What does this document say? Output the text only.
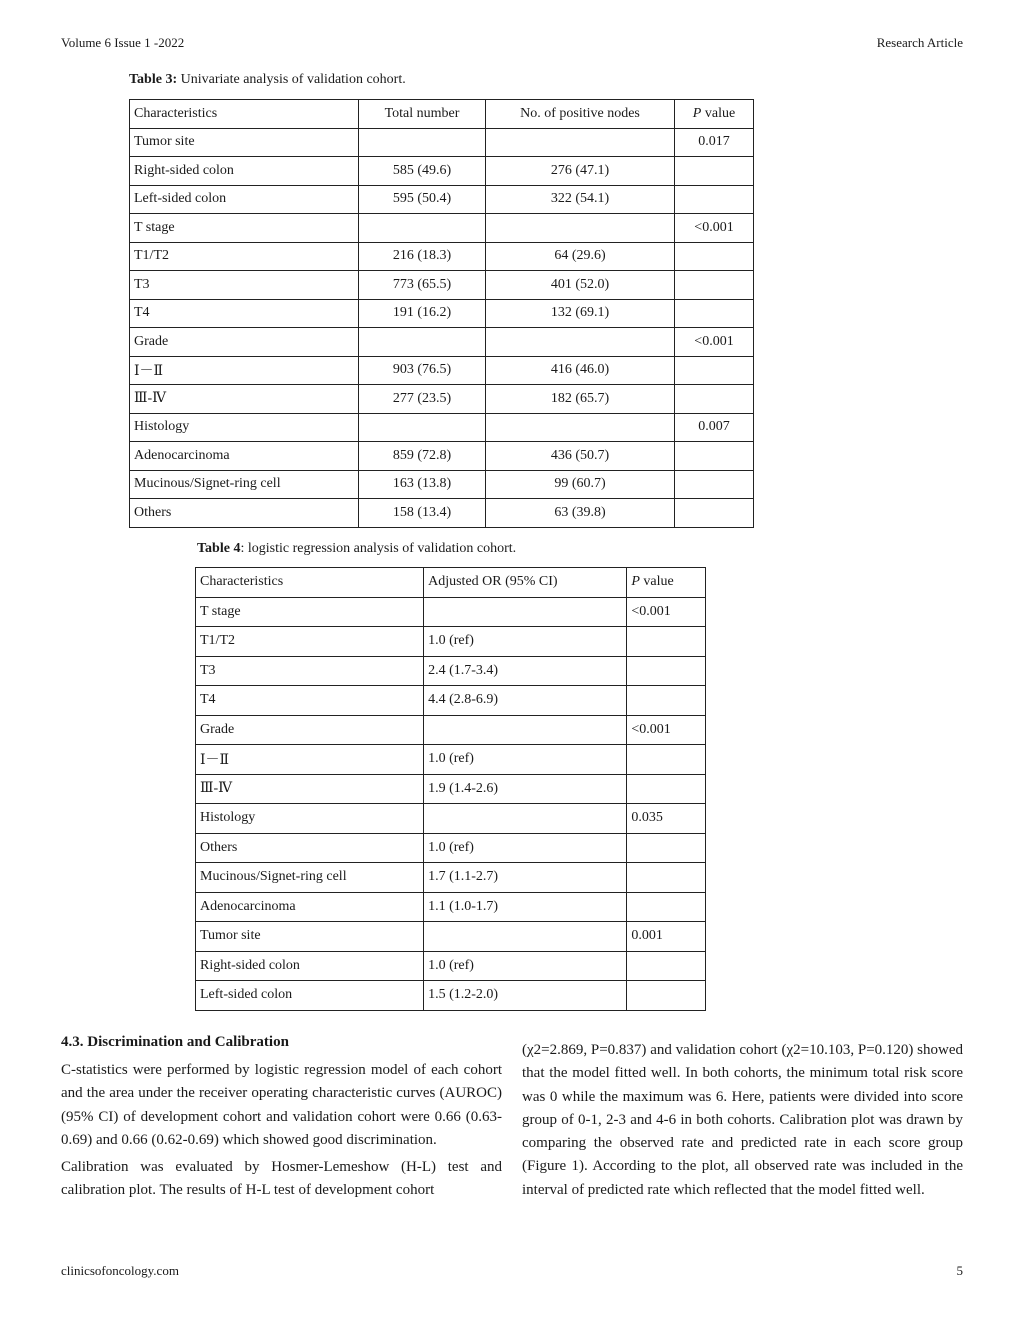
Volume 6 Issue 1 -2022	Research Article
Table 3: Univariate analysis of validation cohort.
Characteristics	Total number	No. of positive nodes	P value
Tumor site			0.017
Right-sided colon	585 (49.6)	276 (47.1)	
Left-sided colon	595 (50.4)	322 (54.1)	
T stage			<0.001
T1/T2	216 (18.3)	64 (29.6)	
T3	773 (65.5)	401 (52.0)	
T4	191 (16.2)	132 (69.1)	
Grade			<0.001
Ⅰ－Ⅱ	903 (76.5)	416 (46.0)	
Ⅲ-Ⅳ	277 (23.5)	182 (65.7)	
Histology			0.007
Adenocarcinoma	859 (72.8)	436 (50.7)	
Mucinous/Signet-ring cell	163 (13.8)	99 (60.7)	
Others	158 (13.4)	63 (39.8)	
Table 4: logistic regression analysis of validation cohort.
Characteristics	Adjusted OR (95% CI)	P value
T stage		<0.001
T1/T2	1.0 (ref)	
T3	2.4 (1.7-3.4)	
T4	4.4 (2.8-6.9)	
Grade		<0.001
Ⅰ－Ⅱ	1.0 (ref)	
Ⅲ-Ⅳ	1.9 (1.4-2.6)	
Histology		0.035
Others	1.0 (ref)	
Mucinous/Signet-ring cell	1.7 (1.1-2.7)	
Adenocarcinoma	1.1 (1.0-1.7)	
Tumor site		0.001
Right-sided colon	1.0 (ref)	
Left-sided colon	1.5 (1.2-2.0)	
4.3. Discrimination and Calibration

C-statistics were performed by logistic regression model of each cohort and the area under the receiver operating characteristic curves (AUROC) (95% CI) of development cohort and validation cohort were 0.66 (0.63-0.69) and 0.66 (0.62-0.69) which showed good discrimination.

Calibration was evaluated by Hosmer-Lemeshow (H-L) test and calibration plot. The results of H-L test of development cohort

(χ2=2.869, P=0.837) and validation cohort (χ2=10.103, P=0.120) showed that the model fitted well. In both cohorts, the minimum total risk score was 0 while the maximum was 6. Here, patients were divided into score group of 0-1, 2-3 and 4-6 in both cohorts. Calibration plot was drawn by comparing the observed rate and predicted rate in each score group (Figure 1). According to the plot, all observed rate was included in the interval of predicted rate which reflected that the model fitted well.

clinicsofoncology.com	5
